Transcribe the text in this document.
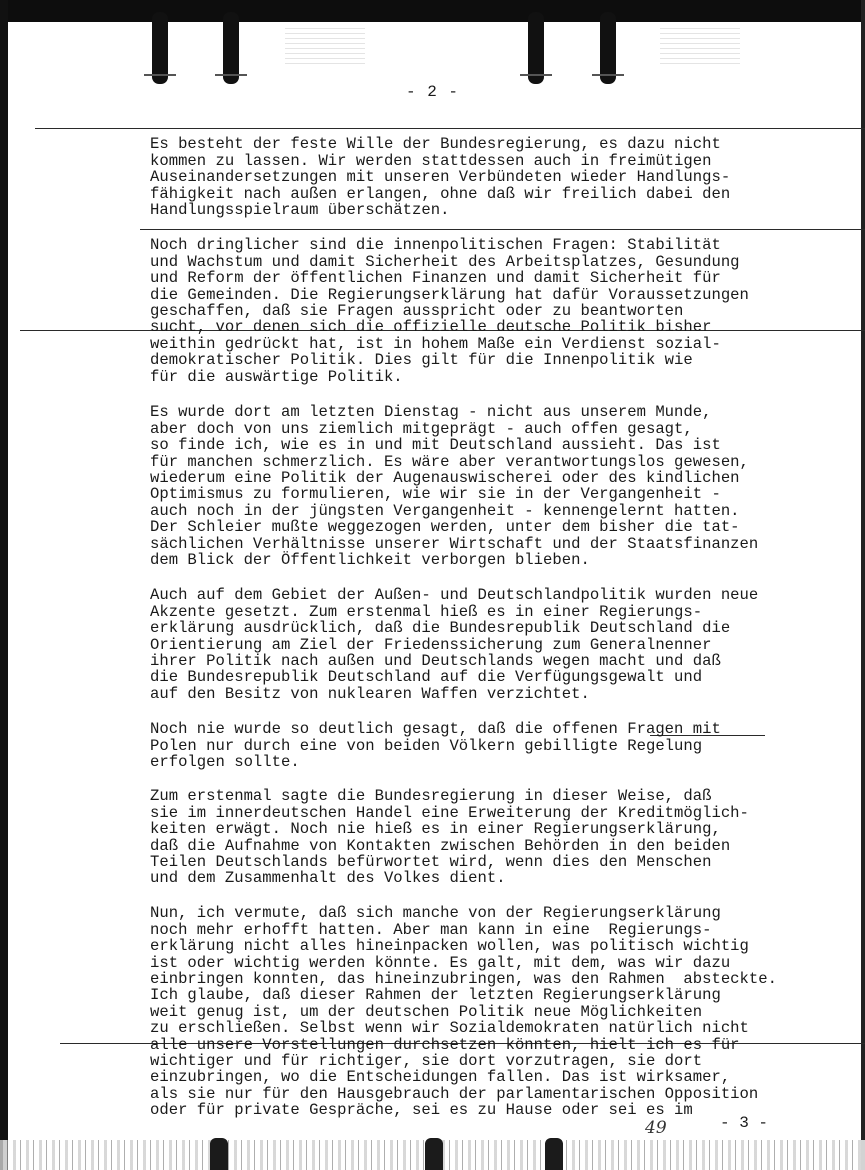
- 2 -

Es besteht der feste Wille der Bundesregierung, es dazu nicht
kommen zu lassen. Wir werden stattdessen auch in freimütigen
Auseinandersetzungen mit unseren Verbündeten wieder Handlungs-
fähigkeit nach außen erlangen, ohne daß wir freilich dabei den
Handlungsspielraum überschätzen.

Noch dringlicher sind die innenpolitischen Fragen: Stabilität
und Wachstum und damit Sicherheit des Arbeitsplatzes, Gesundung
und Reform der öffentlichen Finanzen und damit Sicherheit für
die Gemeinden. Die Regierungserklärung hat dafür Voraussetzungen
geschaffen, daß sie Fragen ausspricht oder zu beantworten
sucht, vor denen sich die offizielle deutsche Politik bisher
weithin gedrückt hat, ist in hohem Maße ein Verdienst sozial-
demokratischer Politik. Dies gilt für die Innenpolitik wie
für die auswärtige Politik.

Es wurde dort am letzten Dienstag - nicht aus unserem Munde,
aber doch von uns ziemlich mitgeprägt - auch offen gesagt,
so finde ich, wie es in und mit Deutschland aussieht. Das ist
für manchen schmerzlich. Es wäre aber verantwortungslos gewesen,
wiederum eine Politik der Augenauswischerei oder des kindlichen
Optimismus zu formulieren, wie wir sie in der Vergangenheit -
auch noch in der jüngsten Vergangenheit - kennengelernt hatten.
Der Schleier mußte weggezogen werden, unter dem bisher die tat-
sächlichen Verhältnisse unserer Wirtschaft und der Staatsfinanzen
dem Blick der Öffentlichkeit verborgen blieben.

Auch auf dem Gebiet der Außen- und Deutschlandpolitik wurden neue
Akzente gesetzt. Zum erstenmal hieß es in einer Regierungs-
erklärung ausdrücklich, daß die Bundesrepublik Deutschland die
Orientierung am Ziel der Friedenssicherung zum Generalnenner
ihrer Politik nach außen und Deutschlands wegen macht und daß
die Bundesrepublik Deutschland auf die Verfügungsgewalt und
auf den Besitz von nuklearen Waffen verzichtet.

Noch nie wurde so deutlich gesagt, daß die offenen Fragen mit
Polen nur durch eine von beiden Völkern gebilligte Regelung
erfolgen sollte.

Zum erstenmal sagte die Bundesregierung in dieser Weise, daß
sie im innerdeutschen Handel eine Erweiterung der Kreditmöglich-
keiten erwägt. Noch nie hieß es in einer Regierungserklärung,
daß die Aufnahme von Kontakten zwischen Behörden in den beiden
Teilen Deutschlands befürwortet wird, wenn dies den Menschen
und dem Zusammenhalt des Volkes dient.

Nun, ich vermute, daß sich manche von der Regierungserklärung
noch mehr erhofft hatten. Aber man kann in eine  Regierungs-
erklärung nicht alles hineinpacken wollen, was politisch wichtig
ist oder wichtig werden könnte. Es galt, mit dem, was wir dazu
einbringen konnten, das hineinzubringen, was den Rahmen  absteckte.
Ich glaube, daß dieser Rahmen der letzten Regierungserklärung
weit genug ist, um der deutschen Politik neue Möglichkeiten
zu erschließen. Selbst wenn wir Sozialdemokraten natürlich nicht
alle unsere Vorstellungen durchsetzen könnten, hielt ich es für
wichtiger und für richtiger, sie dort vorzutragen, sie dort
einzubringen, wo die Entscheidungen fallen. Das ist wirksamer,
als sie nur für den Hausgebrauch der parlamentarischen Opposition
oder für private Gespräche, sei es zu Hause oder sei es im

49	- 3 -
